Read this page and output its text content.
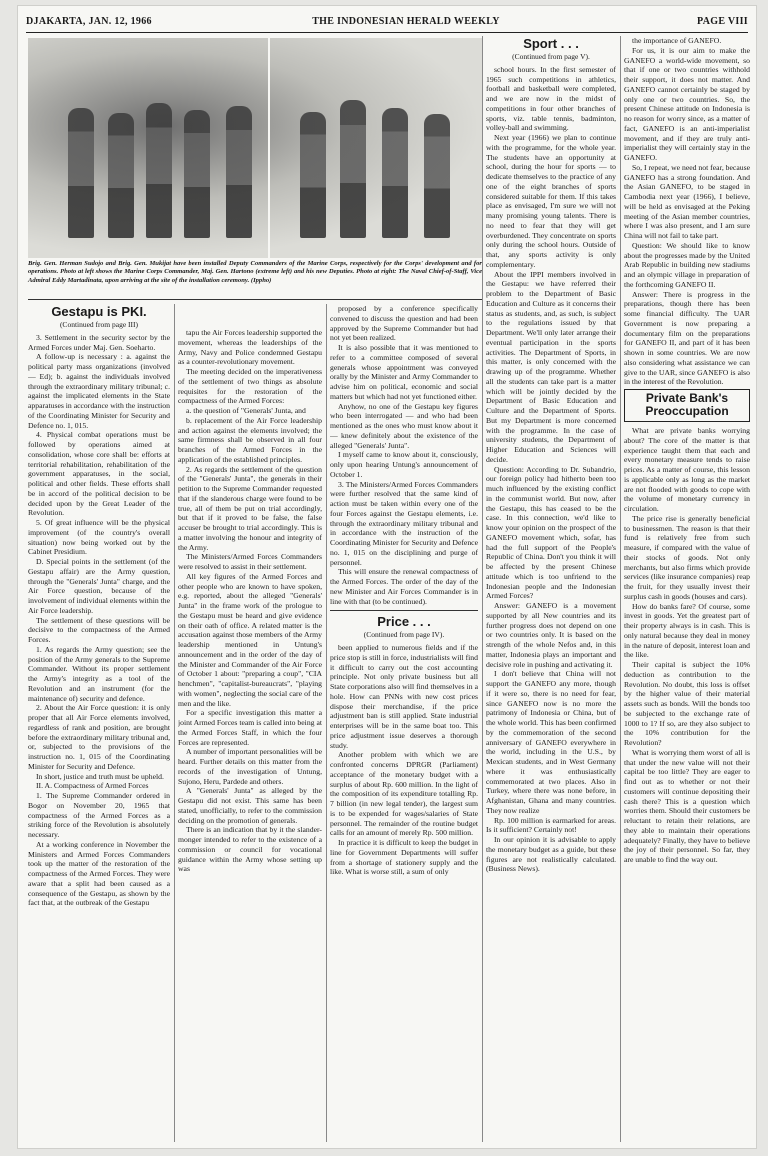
DJAKARTA, JAN. 12, 1966	THE INDONESIAN HERALD WEEKLY	PAGE VIII
Brig. Gen. Herman Sudojo and Brig. Gen. Mukijat have been installed Deputy Commanders of the Marine Corps, respectively for the Corps' development and for operations. Photo at left shows the Marine Corps Commander, Maj. Gen. Hartono (extreme left) and his new Deputies. Photo at right: The Naval Chief-of-Staff, Vice Admiral Eddy Martadinata, upon arriving at the site of the installation ceremony. (Ippho)
Gestapu is PKI.
(Continued from page III)

3. Settlement in the security sector by the Armed Forces under Maj. Gen. Soeharto.

A follow-up is necessary : a. against the political party mass organizations (involved — Ed); b. against the individuals involved through the extraordinary military tribunal; c. against the implicated elements in the State apparatuses in accordance with the instruction of the Coordinating Minister for Security and Defence no. 1, 015.

4. Physical combat operations must be followed by operations aimed at consolidation, whose core shall be: efforts at territorial rehabilitation, rehabilitation of the government apparatuses, in the social, political and other fields. These efforts shall be in accord of the political decision to be decided upon by the Great Leader of the Revolution.

5. Of great influence will be the physical improvement (of the country's overall situation) now being worked out by the Cabinet Presidium.

D. Special points in the settlement (of the Gestapu affair) are the Army question, through the "Generals' Junta" charge, and the Air Force question, because of the involvement of individual elements within the Air Force leadership.

The settlement of these questions will be decisive to the compactness of the Armed Forces.

1. As regards the Army question; see the position of the Army generals to the Supreme Commander. Without its proper settlement the Army's integrity as a tool of the Revolution and an instrument (for the maintenance of) security and defence.

2. About the Air Force question: it is only proper that all Air Force elements involved, regardless of rank and position, are brought before the extraordinary military tribunal and, or, subjected to the provisions of the instruction no. 1, 015 of the Coordinating Minister for Security and Defence.

In short, justice and truth must be upheld.

II. A. Compactness of Armed Forces

1. The Supreme Commander ordered in Bogor on November 20, 1965 that compactness of the Armed Forces as a striking force of the Revolution is absolutely necessary.

At a working conference in November the Ministers and Armed Forces Commanders took up the matter of the restoration of the compactness of the Armed Forces. They were aware that a split had been caused as a consequence of the Gestapu, as shown by the fact that, at the outbreak of the Gestapu

tapu the Air Forces leadership supported the movement, whereas the leaderships of the Army, Navy and Police condemned Gestapu as a counter-revolutionary movement.

The meeting decided on the imperativeness of the settlement of two things as absolute requisites for the restoration of the compactness of the Armed Forces:

a. the question of "Generals' Junta, and

b. replacement of the Air Force leadership and action against the elements involved; the same firmness shall be observed in all four branches of the Armed Forces in the application of the established principles.

2. As regards the settlement of the question of the "Generals' Junta", the generals in their petition to the Supreme Commander requested that if the slanderous charge were found to be true, all of them be put on trial accordingly, but that if it proved to be false, the false accuser be brought to trial accordingly. This is a matter involving the honour and integrity of the Army.

The Ministers/Armed Forces Commanders were resolved to assist in their settlement.

All key figures of the Armed Forces and other people who are known to have spoken, e.g. reported, about the alleged "Generals' Junta" in the frame work of the prologue to the Gestapu must be heard and give evidence on their oath of office. A related matter is the accusation against those members of the Army leadership mentioned in Untung's announcement and in the order of the day of the Minister and Commander of the Air Force of October 1 about: "preparing a coup", "CIA henchmen", "capitalist-bureaucrats", "playing with women", neglecting the social care of the men and the like.

For a specific investigation this matter a joint Armed Forces team is called into being at the Armed Forces Staff, in which the four Forces are represented.

A number of important personalities will be heard. Further details on this matter from the records of the investigation of Untung, Sujono, Heru, Pardede and others.

A "Generals' Junta" as alleged by the Gestapu did not exist. This same has been stated, unofficially, to refer to the commission deciding on the promotion of generals.

There is an indication that by it the slander-monger intended to refer to the existence of a commission or council for vocational guidance within the Army whose setting up was

proposed by a conference specifically convened to discuss the question and had been approved by the Supreme Commander but had not yet been realized.

It is also possible that it was mentioned to refer to a committee composed of several generals whose appointment was conveyed orally by the Minister and Army Commander to advise him on political, economic and social matters but which had not yet functioned either.

Anyhow, no one of the Gestapu key figures who been interrogated — and who had been mentioned as the ones who must know about it — knew definitely about the existence of the alleged "Generals' Junta".

I myself came to know about it, consciously, only upon hearing Untung's announcement of October 1.

3. The Ministers/Armed Forces Commanders were further resolved that the same kind of action must be taken within every one of the four Forces against the Gestapu elements, i.e. through the extraordinary military tribunal and in accordance with the instruction of the Coordinating Minister for Security and Defence no. 1, 015 on the disciplining and purge of personnel.

This will ensure the renewal compactness of the Armed Forces. The order of the day of the new Minister and Air Forces Commander is in line with that (to be continued).

Price . . .
(Continued from page IV).

been applied to numerous fields and if the price stop is still in force, industrialists will find it difficult to carry out the cost accounting principle. Not only private business but all State corporations also will find themselves in a hole. How can PNNs with new cost prices dispose their merchandise, if the price adjustment ban is still applied. State industrial enterprises will be in the same boat too. This price adjustment issue deserves a thorough study.

Another problem with which we are confronted concerns DPRGR (Parliament) acceptance of the monetary budget with a surplus of about Rp. 600 million. In the light of the composition of its expenditure totalling Rp. 7 billion (in new legal tender), the largest sum is to be expended for wages/salaries of State personnel. The remainder of the routine budget calls for an amount of merely Rp. 500 million.

In practice it is difficult to keep the budget in line for Government Departments will suffer from a shortage of stationery supply and the like. What is worse still, a sum of only

Sport . . .
(Continued from page V).

school hours. In the first semester of 1965 such competitions in athletics, football and basketball were completed, and we are now in the midst of competitions in four other branches of sports, viz. table tennis, badminton, volley-ball and swimming.

Next year (1966) we plan to continue with the programme, for the whole year. The students have an opportunity at school, during the hour for sports — to dedicate themselves to the practice of any one of the eight branches of sports considered suitable for them. If this takes place as envisaged, I'm sure we will not many promising young talents. There is no need to fear that they will get overburdened. They concentrate on sports only during the school hours. Outside of that, any sports activity is only complementary.

About the IPPI members involved in the Gestapu: we have referred their problem to the Department of Basic Education and Culture as it concerns their status as students, and, as such, is subject to the regulations issued by that Department. We'll only later arrange their eventual participation in the sports activities. The Department of Sports, in this matter, is only concerned with the drawing up of the programme. Whether all the students can take part is a matter which will be jointly decided by the Department of Basic Education and Culture and the Department of Sports. But my Department is more concerned with the programme. In the case of university students, the Department of Higher Education and Sciences will decide.

Question: According to Dr. Subandrio, our foreign policy had hitherto been too much influenced by the existing conflict in the communist world. But now, after the Gestapu, this has ceased to be the case. In this connection, we'd like to know your opinion on the prospect of the GANEFO movement which, sofar, has had the full support of the People's Republic of China. Don't you think it will be affected by the present Chinese attitude which is too unfriend to the Indonesian people and the Indonesian Armed Forces?

Answer: GANEFO is a movement supported by all New countries and its further progress does not depend on one or two countries only. It is based on the strength of the whole Nefos and, in this matter, Indonesia plays an important and decisive role in pushing and activating it.

I don't believe that China will not support the GANEFO any more, though if it were so, there is no need for fear, since GANEFO now is no more the patrimony of Indonesia or China, but of the whole world. This has been confirmed by the commemoration of the second anniversary of GANEFO everywhere in the world, including in the U.S., by Mexican students, and in West Germany where it was enthusiastically commemorated at two places. Also in Turkey, where there was none before, in Afghanistan, Ghana and many countries. They now realize

Rp. 100 million is earmarked for areas. Is it sufficient? Certainly not!

In our opinion it is advisable to apply the monetary budget as a guide, but these figures are not realistically calculated. (Business News).

the importance of GANEFO.

For us, it is our aim to make the GANEFO a world-wide movement, so that if one or two countries withhold their support, it does not matter. And GANEFO cannot certainly be staged by only one or two countries. So, the present Chinese attitude on Indonesia is no reason for worry since, as a matter of fact, GANEFO is an anti-imperialist movement, and if they are truly anti-imperialist they will certainly stay in the GANEFO.

So, I repeat, we need not fear, because GANEFO has a strong foundation. And the Asian GANEFO, to be staged in Cambodia next year (1966), I believe, will be held as envisaged at the Peking meeting of the Asian member countries, where I was also present, and I am sure China will not fail to take part.

Question: We should like to know about the progresses made by the United Arab Republic in building new stadiums and an olympic village in preparation of the forthcoming GANEFO II.

Answer: There is progress in the preparations, though there has been some financial difficulty. The UAR Government is now preparing a documentary film on the preparations for GANEFO II, and part of it has been shown in some countries. We are now also considering what assistance we can give to the UAR, since GANEFO is also in the interest of the Revolution.

Private Bank's Preoccupation

What are private banks worrying about? The core of the matter is that experience taught them that each and every monetary measure tends to raise prices. As a matter of course, this lesson is applicable only as long as the market are not flooded with goods to cope with the volume of monetary currency in circulation.

The price rise is generally beneficial to businessmen. The reason is that their fund is relatively free from such measure, if compared with the value of their stocks of goods. Not only merchants, but also firms which provide services (like insurance companies) reap the fruit, for they usually invest their surplus cash in goods (houses and cars).

How do banks fare? Of course, some invest in goods. Yet the greatest part of their property always is in cash. This is only natural because they deal in money in the nature of deposit, interest loan and the like.

Their capital is subject the 10% deduction as contribution to the Revolution. No doubt, this loss is offset by the higher value of their material assets such as bonds. Will the bonds too be subjected to the exchange rate of 1000 to 1? If so, are they also subject to the 10% contribution for the Revolution?

What is worrying them worst of all is that under the new value will not their capital be too little? They are eager to find out as to whether or not their customers will continue depositing their cash there? This is a question which worries them. Should their customers be reluctant to retain their relations, are they able to maintain their operations adequately? Finally, they have to believe the joy of their personnel. So far, they are unable to find the way out.
